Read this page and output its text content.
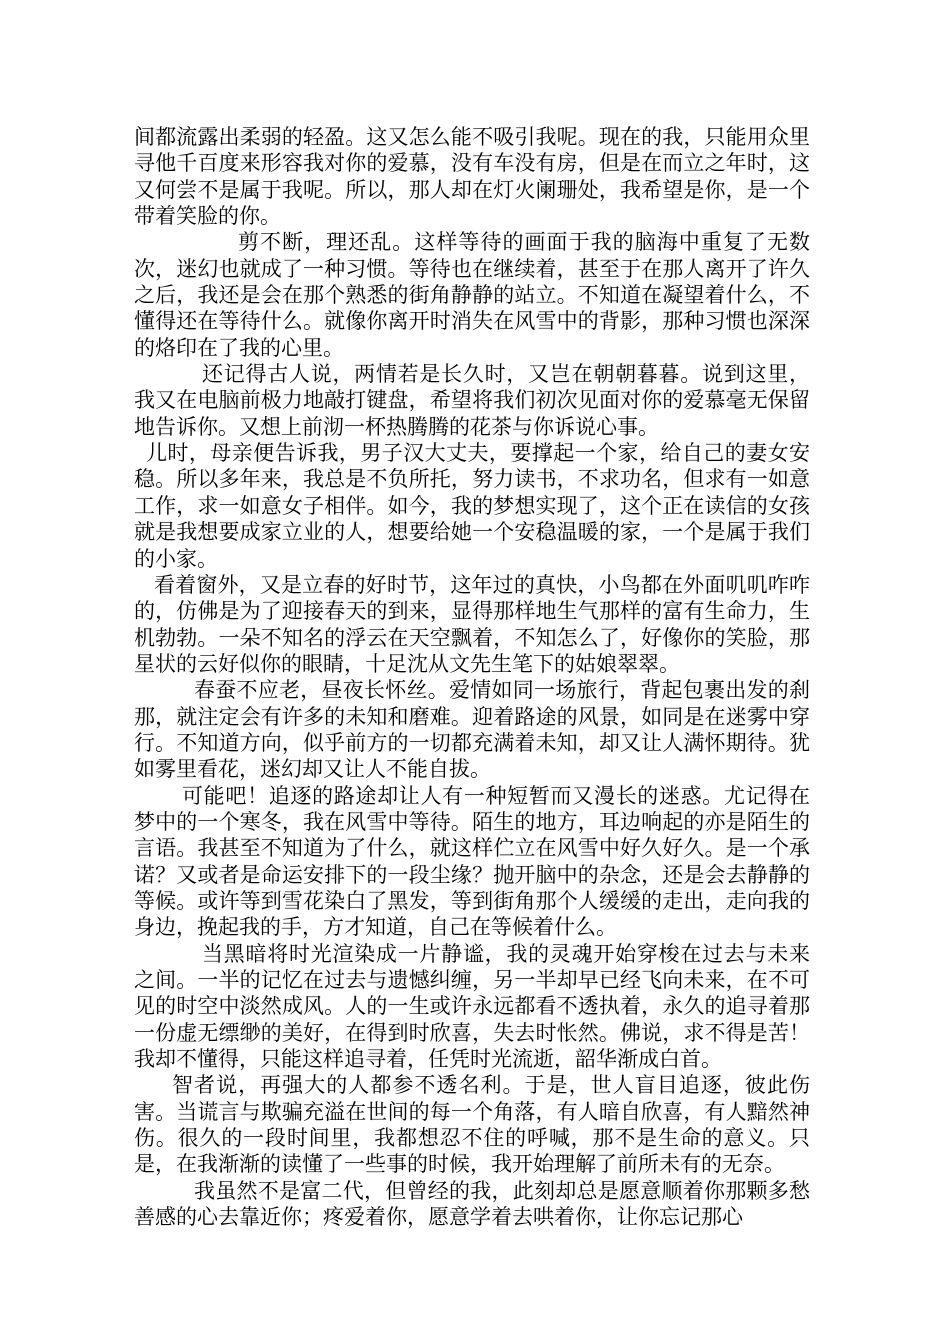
间都流露出柔弱的轻盈。这又怎么能不吸引我呢。现在的我，只能用众里寻他千百度来形容我对你的爱慕，没有车没有房，但是在而立之年时，这又何尝不是属于我呢。所以，那人却在灯火阑珊处，我希望是你，是一个带着笑脸的你。

剪不断，理还乱。这样等待的画面于我的脑海中重复了无数次，迷幻也就成了一种习惯。等待也在继续着，甚至于在那人离开了许久之后，我还是会在那个熟悉的街角静静的站立。不知道在凝望着什么，不懂得还在等待什么。就像你离开时消失在风雪中的背影，那种习惯也深深的烙印在了我的心里。

还记得古人说，两情若是长久时，又岂在朝朝暮暮。说到这里，我又在电脑前极力地敲打键盘，希望将我们初次见面对你的爱慕毫无保留地告诉你。又想上前沏一杯热腾腾的花茶与你诉说心事。

儿时，母亲便告诉我，男子汉大丈夫，要撑起一个家，给自己的妻女安稳。所以多年来，我总是不负所托，努力读书，不求功名，但求有一如意工作，求一如意女子相伴。如今，我的梦想实现了，这个正在读信的女孩就是我想要成家立业的人，想要给她一个安稳温暖的家，一个是属于我们的小家。

看着窗外，又是立春的好时节，这年过的真快，小鸟都在外面叽叽咋咋的，仿佛是为了迎接春天的到来，显得那样地生气那样的富有生命力，生机勃勃。一朵不知名的浮云在天空飘着，不知怎么了，好像你的笑脸，那星状的云好似你的眼睛，十足沈从文先生笔下的姑娘翠翠。

春蚕不应老，昼夜长怀丝。爱情如同一场旅行，背起包裹出发的刹那，就注定会有许多的未知和磨难。迎着路途的风景，如同是在迷雾中穿行。不知道方向，似乎前方的一切都充满着未知，却又让人满怀期待。犹如雾里看花，迷幻却又让人不能自拔。

可能吧！追逐的路途却让人有一种短暂而又漫长的迷惑。尤记得在梦中的一个寒冬，我在风雪中等待。陌生的地方，耳边响起的亦是陌生的言语。我甚至不知道为了什么，就这样伫立在风雪中好久好久。是一个承诺？又或者是命运安排下的一段尘缘？抛开脑中的杂念，还是会去静静的等候。或许等到雪花染白了黑发，等到街角那个人缓缓的走出，走向我的身边，挽起我的手，方才知道，自己在等候着什么。

当黑暗将时光渲染成一片静谧，我的灵魂开始穿梭在过去与未来之间。一半的记忆在过去与遗憾纠缠，另一半却早已经飞向未来，在不可见的时空中淡然成风。人的一生或许永远都看不透执着，永久的追寻着那一份虚无缥缈的美好，在得到时欣喜，失去时怅然。佛说，求不得是苦！我却不懂得，只能这样追寻着，任凭时光流逝，韶华渐成白首。

智者说，再强大的人都参不透名利。于是，世人盲目追逐，彼此伤害。当谎言与欺骗充溢在世间的每一个角落，有人暗自欣喜，有人黯然神伤。很久的一段时间里，我都想忍不住的呼喊，那不是生命的意义。只是，在我渐渐的读懂了一些事的时候，我开始理解了前所未有的无奈。

我虽然不是富二代，但曾经的我，此刻却总是愿意顺着你那颗多愁善感的心去靠近你；疼爱着你，愿意学着去哄着你，让你忘记那心
